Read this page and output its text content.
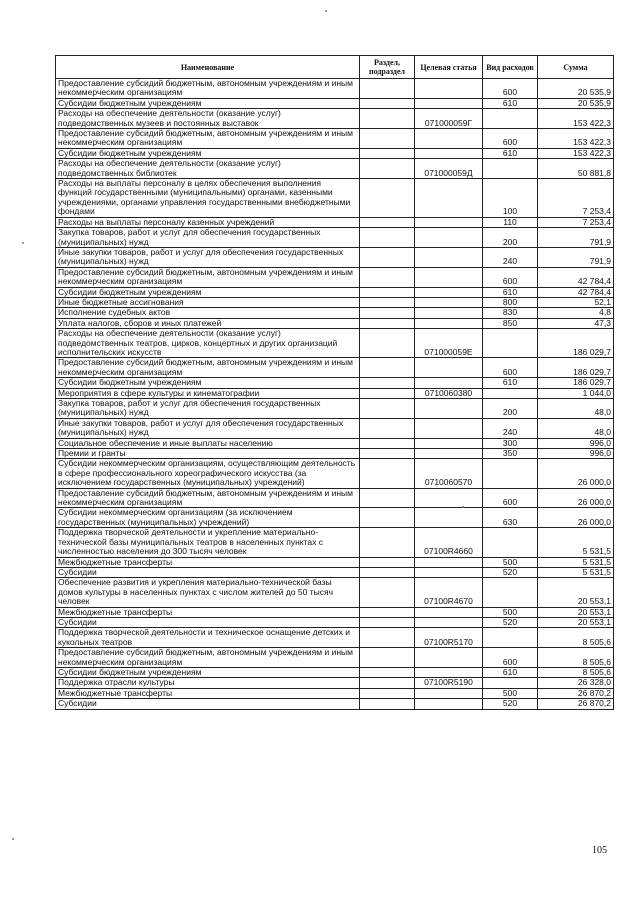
Наименование	Раздел, подраздел	Целевая статья	Вид расходов	Сумма
Предоставление субсидий бюджетным, автономным учреждениям и иным некоммерческим организациям			600	20 535,9
Субсидии бюджетным учреждениям			610	20 535,9
Расходы на обеспечение деятельности (оказание услуг) подведомственных музеев и постоянных выставок		071000059Г		153 422,3
Предоставление субсидий бюджетным, автономным учреждениям и иным некоммерческим организациям			600	153 422,3
Субсидии бюджетным учреждениям			610	153 422,3
Расходы на обеспечение деятельности (оказание услуг) подведомственных библиотек		071000059Д		50 881,8
Расходы на выплаты персоналу в целях обеспечения выполнения функций государственными (муниципальными) органами, казенными учреждениями, органами управления государственными внебюджетными фондами			100	7 253,4
Расходы на выплаты персоналу казенных учреждений			110	7 253,4
Закупка товаров, работ и услуг для обеспечения государственных (муниципальных) нужд			200	791,9
Иные закупки товаров, работ и услуг для обеспечения государственных (муниципальных) нужд			240	791,9
Предоставление субсидий бюджетным, автономным учреждениям и иным некоммерческим организациям			600	42 784,4
Субсидии бюджетным учреждениям			610	42 784,4
Иные бюджетные ассигнования			800	52,1
Исполнение судебных актов			830	4,8
Уплата налогов, сборов и иных платежей			850	47,3
Расходы на обеспечение деятельности (оказание услуг) подведомственных театров, цирков, концертных и других организаций исполнительских искусств		071000059Е		186 029,7
Предоставление субсидий бюджетным, автономным учреждениям и иным некоммерческим организациям			600	186 029,7
Субсидии бюджетным учреждениям			610	186 029,7
Мероприятия в сфере культуры и кинематографии		0710060380		1 044,0
Закупка товаров, работ и услуг для обеспечения государственных (муниципальных) нужд			200	48,0
Иные закупки товаров, работ и услуг для обеспечения государственных (муниципальных) нужд			240	48,0
Социальное обеспечение и иные выплаты населению			300	996,0
Премии и гранты			350	996,0
Субсидии некоммерческим организациям, осуществляющим деятельность в сфере профессионального хореографического искусства (за исключением государственных (муниципальных) учреждений)		0710060570		26 000,0
Предоставление субсидий бюджетным, автономным учреждениям и иным некоммерческим организациям			600	26 000,0
Субсидии некоммерческим организациям (за исключением государственных (муниципальных) учреждений)			630	26 000,0
Поддержка творческой деятельности и укрепление материально-технической базы муниципальных театров в населенных пунктах с численностью населения до 300 тысяч человек		07100R4660		5 531,5
Межбюджетные трансферты			500	5 531,5
Субсидии			520	5 531,5
Обеспечение развития и укрепления материально-технической базы домов культуры в населенных пунктах с числом жителей до 50 тысяч человек		07100R4670		20 553,1
Межбюджетные трансферты			500	20 553,1
Субсидии			520	20 553,1
Поддержка творческой деятельности и техническое оснащение детских и кукольных театров		07100R5170		8 505,6
Предоставление субсидий бюджетным, автономным учреждениям и иным некоммерческим организациям			600	8 505,6
Субсидии бюджетным учреждениям			610	8 505,6
Поддержка отрасли культуры		07100R5190		26 328,0
Межбюджетные трансферты			500	26 870,2
Субсидии			520	26 870,2
105
